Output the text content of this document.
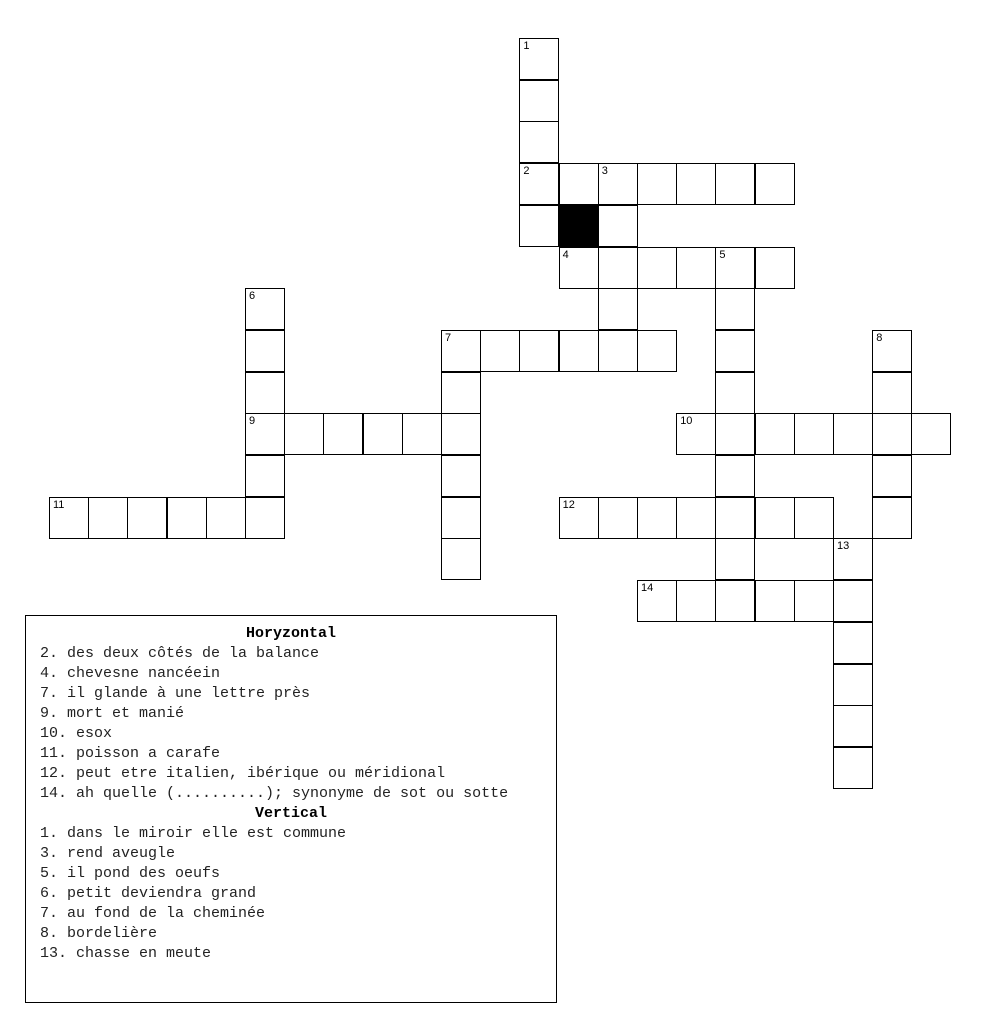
1
2	3
4	5
6
7	8
9	10
11	12
13
14
Horyzontal
2. des deux côtés de la balance
4. chevesne nancéein
7. il glande à une lettre près
9. mort et manié
10. esox
11. poisson a carafe
12. peut etre italien, ibérique ou méridional
14. ah quelle (..........); synonyme de sot ou sotte
Vertical
1. dans le miroir elle est commune
3. rend aveugle
5. il pond des oeufs
6. petit deviendra grand
7. au fond de la cheminée
8. bordelière
13. chasse en meute
